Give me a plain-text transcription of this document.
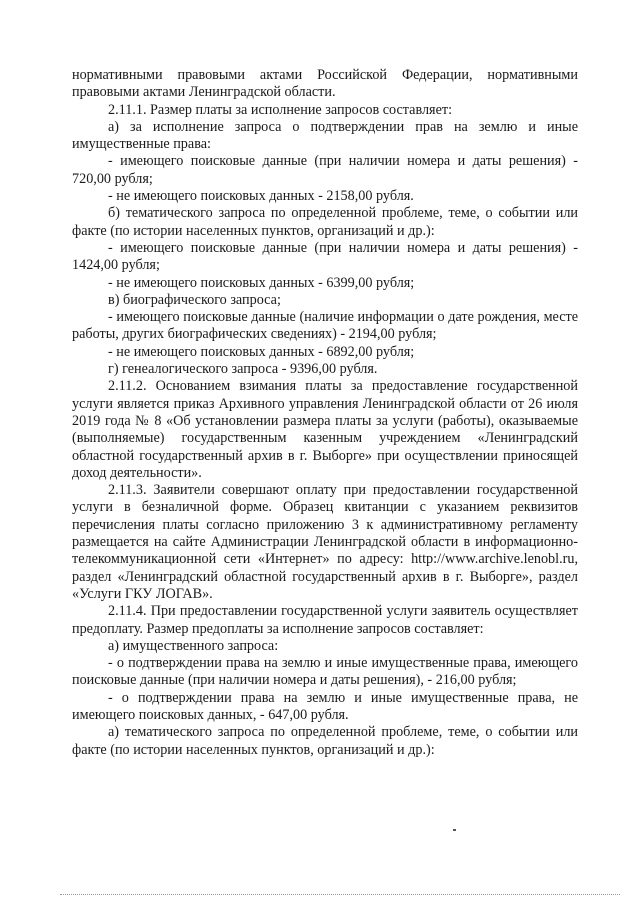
нормативными правовыми актами Российской Федерации, нормативными правовыми актами Ленинградской области.

2.11.1. Размер платы за исполнение запросов составляет:

а) за исполнение запроса о подтверждении прав на землю и иные имущественные права:

- имеющего поисковые данные (при наличии номера и даты решения) - 720,00 рубля;

- не имеющего поисковых данных - 2158,00 рубля.

б) тематического запроса по определенной проблеме, теме, о событии или факте (по истории населенных пунктов, организаций и др.):

- имеющего поисковые данные (при наличии номера и даты решения) - 1424,00 рубля;

- не имеющего поисковых данных - 6399,00 рубля;

в) биографического запроса;

- имеющего поисковые данные (наличие информации о дате рождения, месте работы, других биографических сведениях) - 2194,00 рубля;

- не имеющего поисковых данных - 6892,00 рубля;

г) генеалогического запроса - 9396,00 рубля.

2.11.2. Основанием взимания платы за предоставление государственной услуги является приказ Архивного управления Ленинградской области от 26 июля 2019 года № 8 «Об установлении размера платы за услуги (работы), оказываемые (выполняемые) государственным казенным учреждением «Ленинградский областной государственный архив в г. Выборге» при осуществлении приносящей доход деятельности».

2.11.3. Заявители совершают оплату при предоставлении государственной услуги в безналичной форме. Образец квитанции с указанием реквизитов перечисления платы согласно приложению 3 к административному регламенту размещается на сайте Администрации Ленинградской области в информационно-телекоммуникационной сети «Интернет» по адресу: http://www.archive.lenobl.ru, раздел «Ленинградский областной государственный архив в г. Выборге», раздел «Услуги ГКУ ЛОГАВ».

2.11.4. При предоставлении государственной услуги заявитель осуществляет предоплату. Размер предоплаты за исполнение запросов составляет:

а) имущественного запроса:

- о подтверждении права на землю и иные имущественные права, имеющего поисковые данные (при наличии номера и даты решения), - 216,00 рубля;

- о подтверждении права на землю и иные имущественные права, не имеющего поисковых данных, - 647,00 рубля.

а) тематического запроса по определенной проблеме, теме, о событии или факте (по истории населенных пунктов, организаций и др.):
